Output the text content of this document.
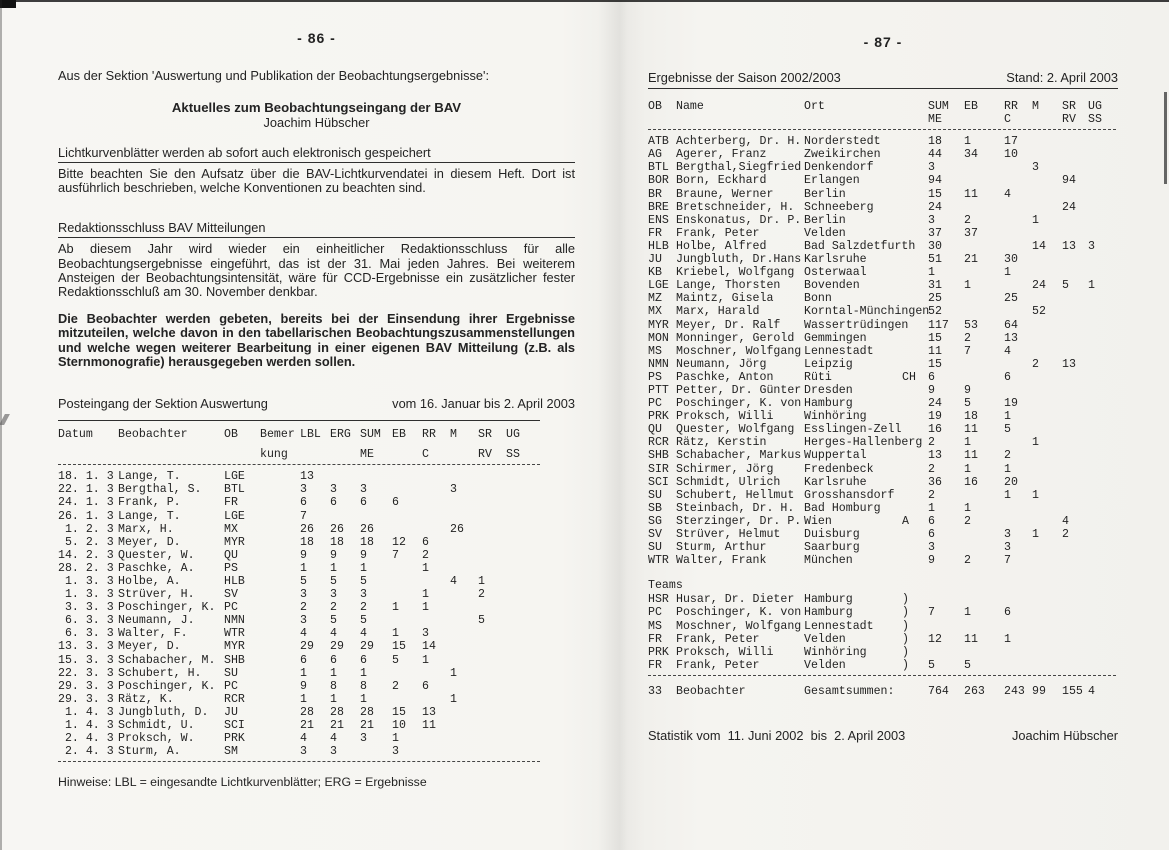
- 86 -
Aus der Sektion 'Auswertung und Publikation der Beobachtungsergebnisse':
Aktuelles zum Beobachtungseingang der BAV
Joachim Hübscher
Lichtkurvenblätter werden ab sofort auch elektronisch gespeichert
Bitte beachten Sie den Aufsatz über die BAV-Lichtkurvendatei in diesem Heft. Dort ist ausführlich beschrieben, welche Konventionen zu beachten sind.
Redaktionsschluss BAV Mitteilungen
Ab diesem Jahr wird wieder ein einheitlicher Redaktionsschluss für alle Beobachtungsergebnisse eingeführt, das ist der 31. Mai jeden Jahres. Bei weiterem Ansteigen der Beobachtungsintensität, wäre für CCD-Ergebnisse ein zusätzlicher fester Redaktionsschluß am 30. November denkbar.
Die Beobachter werden gebeten, bereits bei der Einsendung ihrer Ergebnisse mitzuteilen, welche davon in den tabellarischen Beobachtungszusammenstellungen und welche wegen weiterer Bearbeitung in einer eigenen BAV Mitteilung (z.B. als Sternmonografie) herausgegeben werden sollen.
Posteingang der Sektion Auswertung	vom 16. Januar bis 2. April 2003
Datum	Beobachter	OB	Bemer	LBL	ERG	SUM	EB	RR	M	SR	UG
			kung			ME		C		RV	SS

18. 1. 3	Lange, T.	LGE		13							
22. 1. 3	Bergthal, S.	BTL		3	3	3			3		
24. 1. 3	Frank, P.	FR		6	6	6	6				
26. 1. 3	Lange, T.	LGE		7							
1. 2. 3	Marx, H.	MX		26	26	26			26		
5. 2. 3	Meyer, D.	MYR		18	18	18	12	6			
14. 2. 3	Quester, W.	QU		9	9	9	7	2			
28. 2. 3	Paschke, A.	PS		1	1	1		1			
1. 3. 3	Holbe, A.	HLB		5	5	5			4	1	
1. 3. 3	Strüver, H.	SV		3	3	3		1		2	
3. 3. 3	Poschinger, K.	PC		2	2	2	1	1			
6. 3. 3	Neumann, J.	NMN		3	5	5				5	
6. 3. 3	Walter, F.	WTR		4	4	4	1	3			
13. 3. 3	Meyer, D.	MYR		29	29	29	15	14			
15. 3. 3	Schabacher, M.	SHB		6	6	6	5	1			
22. 3. 3	Schubert, H.	SU		1	1	1			1		
29. 3. 3	Poschinger, K.	PC		9	8	8	2	6			
29. 3. 3	Rätz, K.	RCR		1	1	1			1		
1. 4. 3	Jungbluth, D.	JU		28	28	28	15	13			
1. 4. 3	Schmidt, U.	SCI		21	21	21	10	11			
2. 4. 3	Proksch, W.	PRK		4	4	3	1				
2. 4. 3	Sturm, A.	SM		3	3		3				

Hinweise: LBL = eingesandte Lichtkurvenblätter; ERG = Ergebnisse
- 87 -
Ergebnisse der Saison 2002/2003	Stand: 2. April 2003
OB	Name	Ort		SUM	EB	RR	M	SR	UG
				ME		C		RV	SS

ATB	Achterberg, Dr. H.	Norderstedt		18	1	17			
AG	Agerer, Franz	Zweikirchen		44	34	10			
BTL	Bergthal,Siegfried	Denkendorf		3			3		
BOR	Born, Eckhard	Erlangen		94				94	
BR	Braune, Werner	Berlin		15	11	4			
BRE	Bretschneider, H.	Schneeberg		24				24	
ENS	Enskonatus, Dr. P.	Berlin		3	2		1		
FR	Frank, Peter	Velden		37	37				
HLB	Holbe, Alfred	Bad Salzdetfurth		30			14	13	3
JU	Jungbluth, Dr.Hans	Karlsruhe		51	21	30			
KB	Kriebel, Wolfgang	Osterwaal		1		1			
LGE	Lange, Thorsten	Bovenden		31	1		24	5	1
MZ	Maintz, Gisela	Bonn		25		25			
MX	Marx, Harald	Korntal-Münchingen		52			52		
MYR	Meyer, Dr. Ralf	Wassertrüdingen		117	53	64			
MON	Monninger, Gerold	Gemmingen		15	2	13			
MS	Moschner, Wolfgang	Lennestadt		11	7	4			
NMN	Neumann, Jörg	Leipzig		15			2	13	
PS	Paschke, Anton	Rüti	CH	6		6			
PTT	Petter, Dr. Günter	Dresden		9	9				
PC	Poschinger, K. von	Hamburg		24	5	19			
PRK	Proksch, Willi	Winhöring		19	18	1			
QU	Quester, Wolfgang	Esslingen-Zell		16	11	5			
RCR	Rätz, Kerstin	Herges-Hallenberg		2	1		1		
SHB	Schabacher, Markus	Wuppertal		13	11	2			
SIR	Schirmer, Jörg	Fredenbeck		2	1	1			
SCI	Schmidt, Ulrich	Karlsruhe		36	16	20			
SU	Schubert, Hellmut	Grosshansdorf		2		1	1		
SB	Steinbach, Dr. H.	Bad Homburg		1	1				
SG	Sterzinger, Dr. P.	Wien	A	6	2			4	
SV	Strüver, Helmut	Duisburg		6		3	1	2	
SU	Sturm, Arthur	Saarburg		3		3			
WTR	Walter, Frank	München		9	2	7			
Teams									
HSR	Husar, Dr. Dieter	Hamburg	)						
PC	Poschinger, K. von	Hamburg	)	7	1	6			
MS	Moschner, Wolfgang	Lennestadt	)						
FR	Frank, Peter	Velden	)	12	11	1			
PRK	Proksch, Willi	Winhöring	)						
FR	Frank, Peter	Velden	)	5	5				

33	Beobachter	Gesamtsummen:		764	263	243	99	155	4
Statistik vom  11. Juni 2002  bis  2. April 2003	Joachim Hübscher
